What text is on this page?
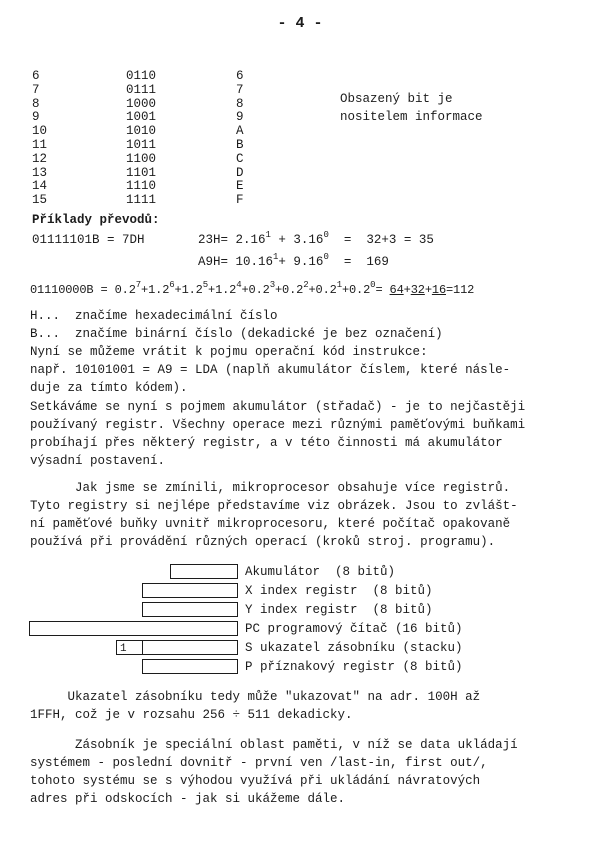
- 4 -
6
7
8
9
10
11
12
13
14
15
0110
0111
1000
1001
1010
1011
1100
1101
1110
1111
6
7
8
9
A
B
C
D
E
F
Obsazený bit je
nositelem informace
Příklady převodů:
01111101B = 7DH	$23H= 2.16^1 + 3.16^0 = 32+3 = 35$
$A9H= 10.16^1+ 9.16^0 = 169$
$01110000B = 0.2^7+1.2^6+1.2^5+1.2^4+0.2^3+0.2^2+0.2^1+0.2^0= 64+32+16=112$
H...  značíme hexadecimální číslo
B...  značíme binární číslo (dekadické je bez označení)
Nyní se můžeme vrátit k pojmu operační kód instrukce:
např. 10101001 = A9 = LDA (naplň akumulátor číslem, které násle-
duje za tímto kódem).
Setkáváme se nyní s pojmem akumulátor (střadač) - je to nejčastěji
používaný registr. Všechny operace mezi různými paměťovými buňkami
probíhají přes některý registr, a v této činnosti má akumulátor
výsadní postavení.
Jak jsme se zmínili, mikroprocesor obsahuje více registrů.
Tyto registry si nejlépe představíme viz obrázek. Jsou to zvlášt-
ní paměťové buňky uvnitř mikroprocesoru, které počítač opakovaně
používá při provádění různých operací (kroků stroj. programu).
1
Akumulátor  (8 bitů)
X index registr  (8 bitů)
Y index registr  (8 bitů)
PC programový čítač (16 bitů)
S ukazatel zásobníku (stacku)
P příznakový registr (8 bitů)
Ukazatel zásobníku tedy může "ukazovat" na adr. 100H až
1FFH, což je v rozsahu 256 ÷ 511 dekadicky.
Zásobník je speciální oblast paměti, v níž se data ukládají
systémem - poslední dovnitř - první ven /last-in, first out/,
tohoto systému se s výhodou využívá při ukládání návratových
adres při odskocích - jak si ukážeme dále.
